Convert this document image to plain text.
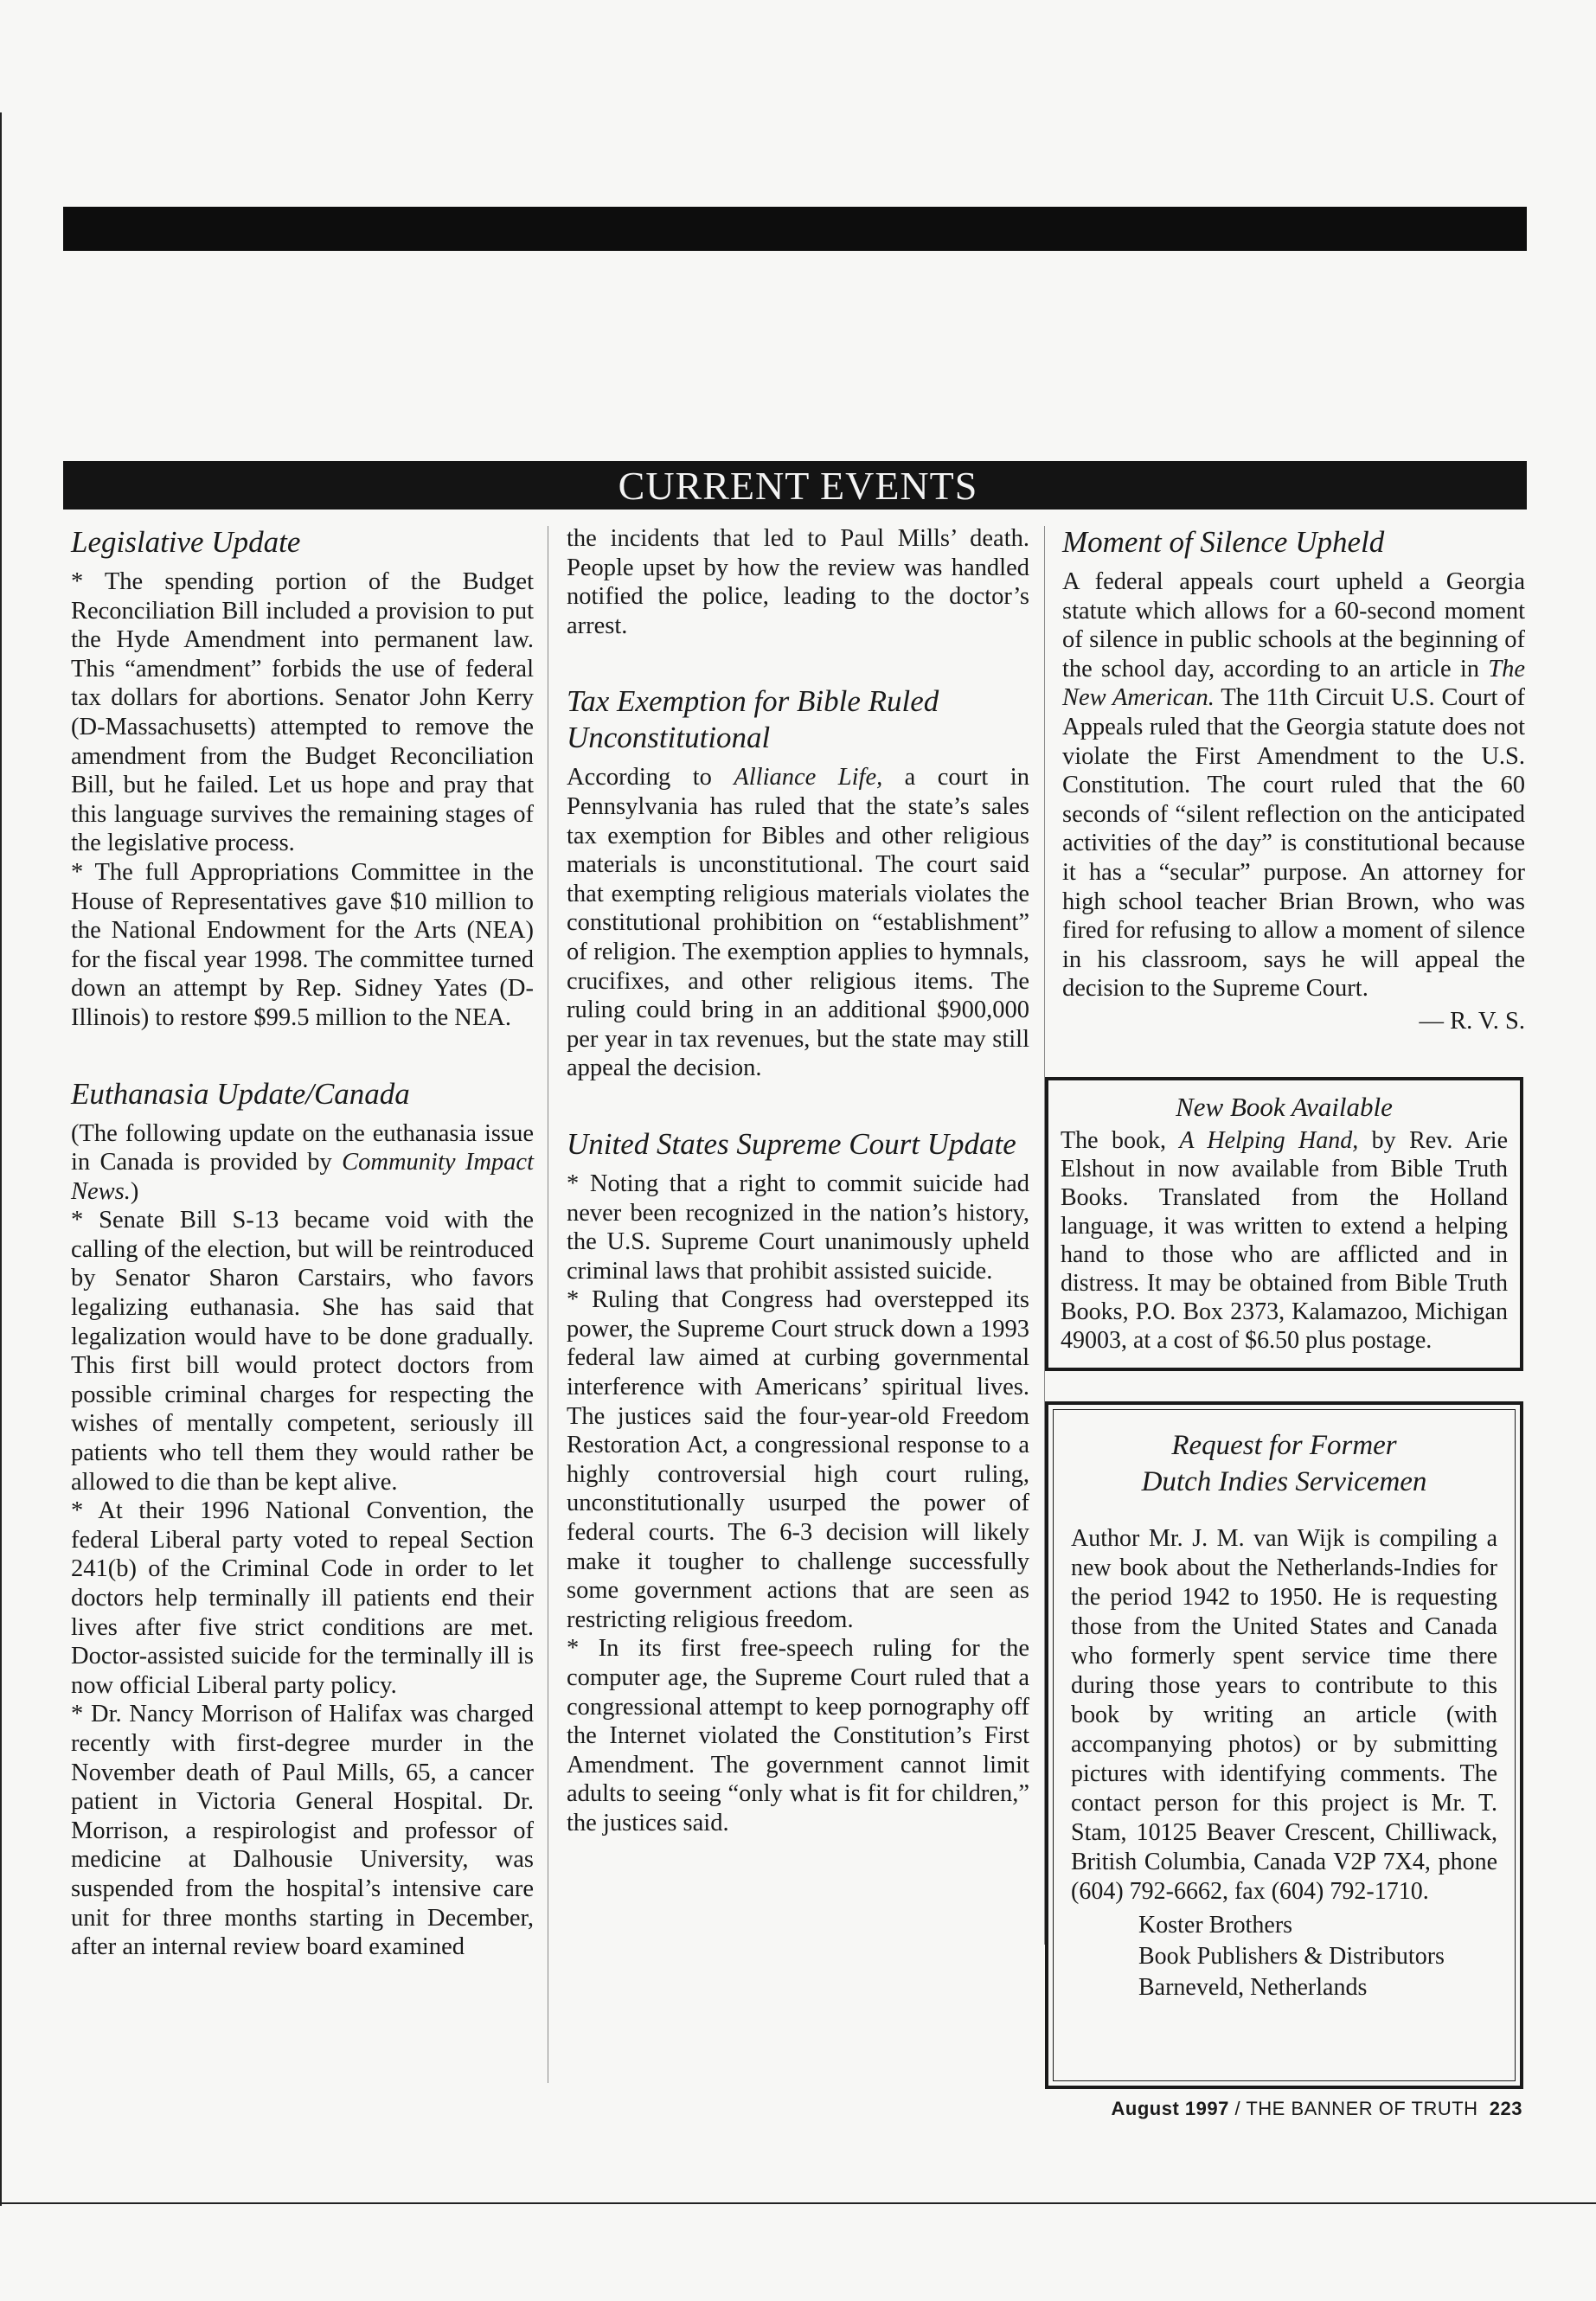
CURRENT EVENTS
Legislative Update

* The spending portion of the Budget Reconciliation Bill included a provision to put the Hyde Amendment into permanent law. This “amendment” forbids the use of federal tax dollars for abortions. Senator John Kerry (D-Massachusetts) attempted to remove the amendment from the Budget Reconciliation Bill, but he failed. Let us hope and pray that this language survives the remaining stages of the legislative process.

* The full Appropriations Committee in the House of Representatives gave $10 million to the National Endowment for the Arts (NEA) for the fiscal year 1998. The committee turned down an attempt by Rep. Sidney Yates (D-Illinois) to restore $99.5 million to the NEA.

Euthanasia Update/Canada

(The following update on the euthanasia issue in Canada is provided by Community Impact News.)

* Senate Bill S-13 became void with the calling of the election, but will be reintroduced by Senator Sharon Carstairs, who favors legalizing euthanasia. She has said that legalization would have to be done gradually. This first bill would protect doctors from possible criminal charges for respecting the wishes of mentally competent, seriously ill patients who tell them they would rather be allowed to die than be kept alive.

* At their 1996 National Convention, the federal Liberal party voted to repeal Section 241(b) of the Criminal Code in order to let doctors help terminally ill patients end their lives after five strict conditions are met. Doctor-assisted suicide for the terminally ill is now official Liberal party policy.

* Dr. Nancy Morrison of Halifax was charged recently with first-degree murder in the November death of Paul Mills, 65, a cancer patient in Victoria General Hospital. Dr. Morrison, a respirologist and professor of medicine at Dalhousie University, was suspended from the hospital’s intensive care unit for three months starting in December, after an internal review board examined

the incidents that led to Paul Mills’ death. People upset by how the review was handled notified the police, leading to the doctor’s arrest.

Tax Exemption for Bible Ruled Unconstitutional

According to Alliance Life, a court in Pennsylvania has ruled that the state’s sales tax exemption for Bibles and other religious materials is unconstitutional. The court said that exempting religious materials violates the constitutional prohibition on “establishment” of religion. The exemption applies to hymnals, crucifixes, and other religious items. The ruling could bring in an additional $900,000 per year in tax revenues, but the state may still appeal the decision.

United States Supreme Court Update

* Noting that a right to commit suicide had never been recognized in the nation’s history, the U.S. Supreme Court unanimously upheld criminal laws that prohibit assisted suicide.

* Ruling that Congress had overstepped its power, the Supreme Court struck down a 1993 federal law aimed at curbing governmental interference with Americans’ spiritual lives. The justices said the four-year-old Freedom Restoration Act, a congressional response to a highly controversial high court ruling, unconstitutionally usurped the power of federal courts. The 6-3 decision will likely make it tougher to challenge successfully some government actions that are seen as restricting religious freedom.

* In its first free-speech ruling for the computer age, the Supreme Court ruled that a congressional attempt to keep pornography off the Internet violated the Constitution’s First Amendment. The government cannot limit adults to seeing “only what is fit for children,” the justices said.

Moment of Silence Upheld

A federal appeals court upheld a Georgia statute which allows for a 60-second moment of silence in public schools at the beginning of the school day, according to an article in The New American. The 11th Circuit U.S. Court of Appeals ruled that the Georgia statute does not violate the First Amendment to the U.S. Constitution. The court ruled that the 60 seconds of “silent reflection on the anticipated activities of the day” is constitutional because it has a “secular” purpose. An attorney for high school teacher Brian Brown, who was fired for refusing to allow a moment of silence in his classroom, says he will appeal the decision to the Supreme Court.

— R. V. S.

New Book Available

The book, A Helping Hand, by Rev. Arie Elshout in now available from Bible Truth Books. Translated from the Holland language, it was written to extend a helping hand to those who are afflicted and in distress. It may be obtained from Bible Truth Books, P.O. Box 2373, Kalamazoo, Michigan 49003, at a cost of $6.50 plus postage.

Request for Former
Dutch Indies Servicemen

Author Mr. J. M. van Wijk is compiling a new book about the Netherlands-Indies for the period 1942 to 1950. He is requesting those from the United States and Canada who formerly spent service time there during those years to contribute to this book by writing an article (with accompanying photos) or by submitting pictures with identifying comments. The contact person for this project is Mr. T. Stam, 10125 Beaver Crescent, Chilliwack, British Columbia, Canada V2P 7X4, phone (604) 792-6662, fax (604) 792-1710.

Koster Brothers
Book Publishers & Distributors
Barneveld, Netherlands
August 1997 / THE BANNER OF TRUTH 223
